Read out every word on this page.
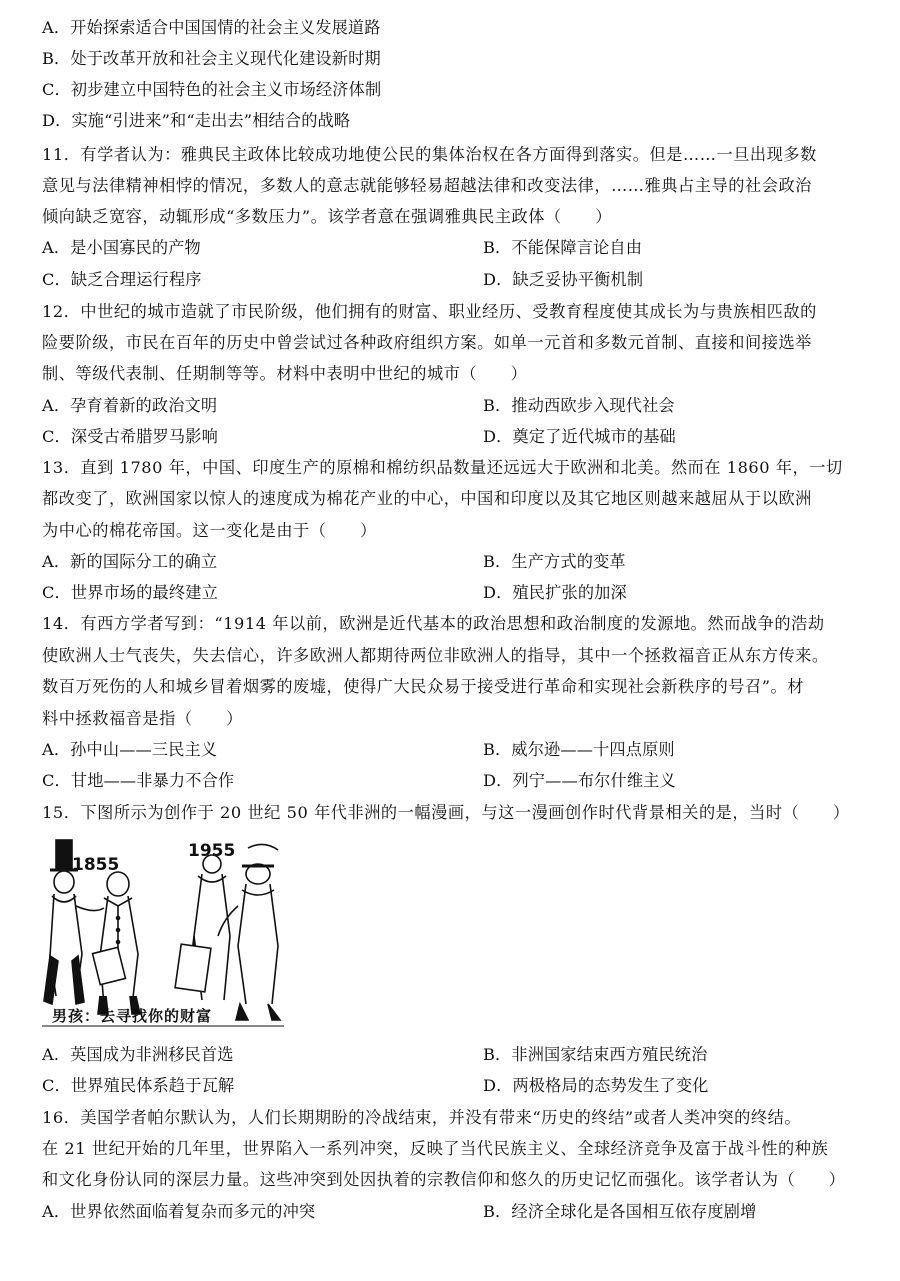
A．开始探索适合中国国情的社会主义发展道路
B．处于改革开放和社会主义现代化建设新时期
C．初步建立中国特色的社会主义市场经济体制
D．实施“引进来”和“走出去”相结合的战略
11．有学者认为：雅典民主政体比较成功地使公民的集体治权在各方面得到落实。但是……一旦出现多数
意见与法律精神相悖的情况，多数人的意志就能够轻易超越法律和改变法律，……雅典占主导的社会政治
倾向缺乏宽容，动辄形成“多数压力”。该学者意在强调雅典民主政体（　　）
A．是小国寡民的产物	B．不能保障言论自由
C．缺乏合理运行程序	D．缺乏妥协平衡机制
12．中世纪的城市造就了市民阶级，他们拥有的财富、职业经历、受教育程度使其成长为与贵族相匹敌的
险要阶级，市民在百年的历史中曾尝试过各种政府组织方案。如单一元首和多数元首制、直接和间接选举
制、等级代表制、任期制等等。材料中表明中世纪的城市（　　）
A．孕育着新的政治文明	B．推动西欧步入现代社会
C．深受古希腊罗马影响	D．奠定了近代城市的基础
13．直到 1780 年，中国、印度生产的原棉和棉纺织品数量还远远大于欧洲和北美。然而在 1860 年，一切
都改变了，欧洲国家以惊人的速度成为棉花产业的中心，中国和印度以及其它地区则越来越屈从于以欧洲
为中心的棉花帝国。这一变化是由于（　　）
A．新的国际分工的确立	B．生产方式的变革
C．世界市场的最终建立	D．殖民扩张的加深
14．有西方学者写到：“1914 年以前，欧洲是近代基本的政治思想和政治制度的发源地。然而战争的浩劫
使欧洲人士气丧失，失去信心，许多欧洲人都期待两位非欧洲人的指导，其中一个拯救福音正从东方传来。
数百万死伤的人和城乡冒着烟雾的废墟，使得广大民众易于接受进行革命和实现社会新秩序的号召”。材
料中拯救福音是指（　　）
A．孙中山——三民主义	B．威尔逊——十四点原则
C．甘地——非暴力不合作	D．列宁——布尔什维主义
15．下图所示为创作于 20 世纪 50 年代非洲的一幅漫画，与这一漫画创作时代背景相关的是，当时（　　）
1855
1955
男孩：去寻找你的财富
A．英国成为非洲移民首选	B．非洲国家结束西方殖民统治
C．世界殖民体系趋于瓦解	D．两极格局的态势发生了变化
16．美国学者帕尔默认为，人们长期期盼的冷战结束，并没有带来“历史的终结”或者人类冲突的终结。
在 21 世纪开始的几年里，世界陷入一系列冲突，反映了当代民族主义、全球经济竞争及富于战斗性的种族
和文化身份认同的深层力量。这些冲突到处因执着的宗教信仰和悠久的历史记忆而强化。该学者认为（　　）
A．世界依然面临着复杂而多元的冲突	B．经济全球化是各国相互依存度剧增
